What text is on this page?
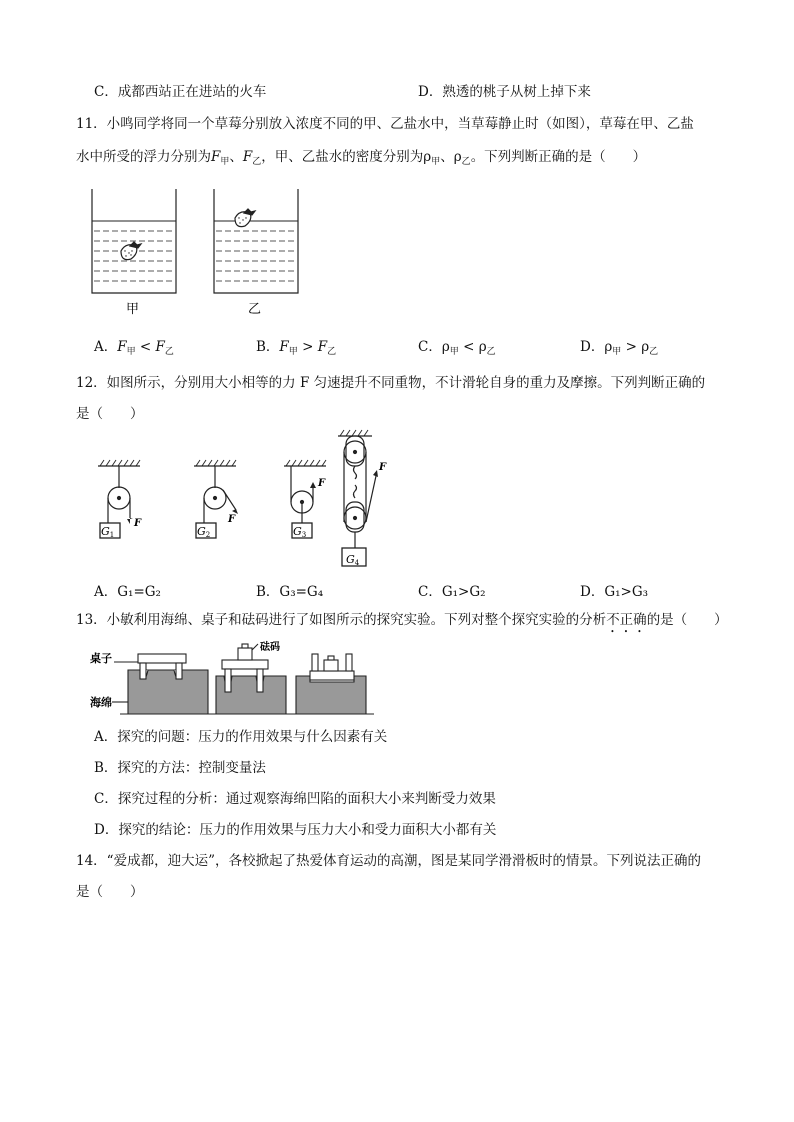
C．成都西站正在进站的火车	D．熟透的桃子从树上掉下来
11．小鸣同学将同一个草莓分别放入浓度不同的甲、乙盐水中，当草莓静止时（如图），草莓在甲、乙盐
水中所受的浮力分别为$F_甲$、$F_乙$，甲、乙盐水的密度分别为$\rho_甲$、$\rho_乙$。下列判断正确的是（　　）
甲	乙
A．$F_甲 < F_乙$	B．$F_甲 > F_乙$	C．$\rho_甲 < \rho_乙$	D．$\rho_甲 > \rho_乙$
12．如图所示，分别用大小相等的力 F 匀速提升不同重物，不计滑轮自身的重力及摩擦。下列判断正确的
是（　　）
G1
F
G2
F
G3
F
G4
F
A．G₁=G₂	B．G₃=G₄	C．G₁>G₂	D．G₁>G₃
13．小敏利用海绵、桌子和砝码进行了如图所示的探究实验。下列对整个探究实验的分析不正确的是（　　）
桌子
海绵
砝码
A．探究的问题：压力的作用效果与什么因素有关
B．探究的方法：控制变量法
C．探究过程的分析：通过观察海绵凹陷的面积大小来判断受力效果
D．探究的结论：压力的作用效果与压力大小和受力面积大小都有关
14．“爱成都，迎大运”，各校掀起了热爱体育运动的高潮，图是某同学滑滑板时的情景。下列说法正确的
是（　　）
